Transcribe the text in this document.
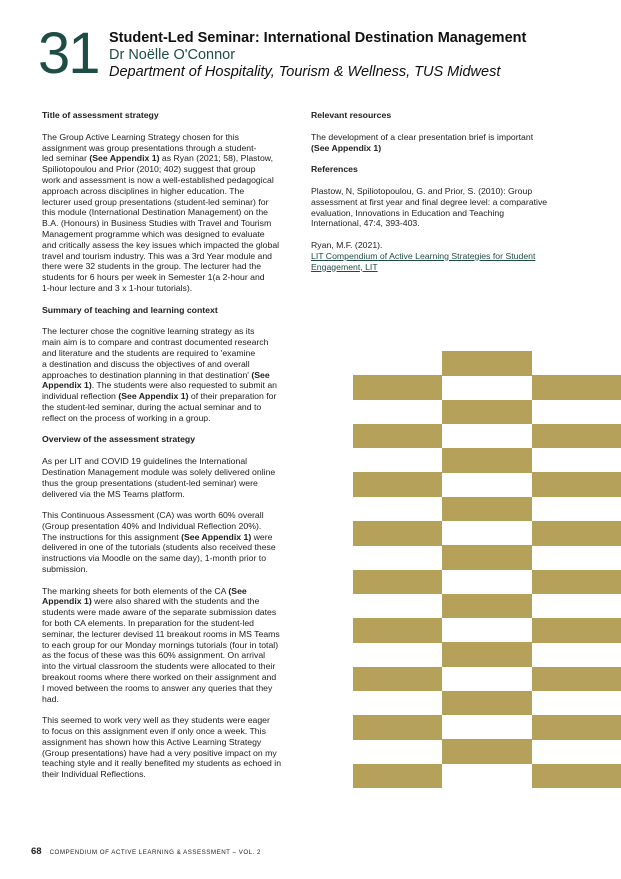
31 Student-Led Seminar: International Destination Management
Dr Noëlle O'Connor
Department of Hospitality, Tourism & Wellness, TUS Midwest
Title of assessment strategy

The Group Active Learning Strategy chosen for this
assignment was group presentations through a student-
led seminar (See Appendix 1) as Ryan (2021; 58), Plastow,
Spiliotopoulou and Prior (2010; 402) suggest that group
work and assessment is now a well-established pedagogical
approach across disciplines in higher education. The
lecturer used group presentations (student-led seminar) for
this module (International Destination Management) on the
B.A. (Honours) in Business Studies with Travel and Tourism
Management programme which was designed to evaluate
and critically assess the key issues which impacted the global
travel and tourism industry. This was a 3rd Year module and
there were 32 students in the group. The lecturer had the
students for 6 hours per week in Semester 1(a 2-hour and
1-hour lecture and 3 x 1-hour tutorials).

Summary of teaching and learning context

The lecturer chose the cognitive learning strategy as its
main aim is to compare and contrast documented research
and literature and the students are required to 'examine
a destination and discuss the objectives of and overall
approaches to destination planning in that destination' (See
Appendix 1). The students were also requested to submit an
individual reflection (See Appendix 1) of their preparation for
the student-led seminar, during the actual seminar and to
reflect on the process of working in a group.

Overview of the assessment strategy

As per LIT and COVID 19 guidelines the International
Destination Management module was solely delivered online
thus the group presentations (student-led seminar) were
delivered via the MS Teams platform.

This Continuous Assessment (CA) was worth 60% overall
(Group presentation 40% and Individual Reflection 20%).
The instructions for this assignment (See Appendix 1) were
delivered in one of the tutorials (students also received these
instructions via Moodle on the same day), 1-month prior to
submission.

The marking sheets for both elements of the CA (See
Appendix 1) were also shared with the students and the
students were made aware of the separate submission dates
for both CA elements. In preparation for the student-led
seminar, the lecturer devised 11 breakout rooms in MS Teams
to each group for our Monday mornings tutorials (four in total)
as the focus of these was this 60% assignment. On arrival
into the virtual classroom the students were allocated to their
breakout rooms where there worked on their assignment and
I moved between the rooms to answer any queries that they
had.

This seemed to work very well as they students were eager
to focus on this assignment even if only once a week. This
assignment has shown how this Active Learning Strategy
(Group presentations) have had a very positive impact on my
teaching style and it really benefited my students as echoed in
their Individual Reflections.

Relevant resources

The development of a clear presentation brief is important
(See Appendix 1)

References

Plastow, N, Spiliotopoulou, G. and Prior, S. (2010): Group
assessment at first year and final degree level: a comparative
evaluation, Innovations in Education and Teaching
International, 47:4, 393-403.

Ryan, M.F. (2021).

LIT Compendium of Active Learning Strategies for Student
Engagement, LIT

68 COMPENDIUM OF ACTIVE LEARNING & ASSESSMENT – VOL. 2
